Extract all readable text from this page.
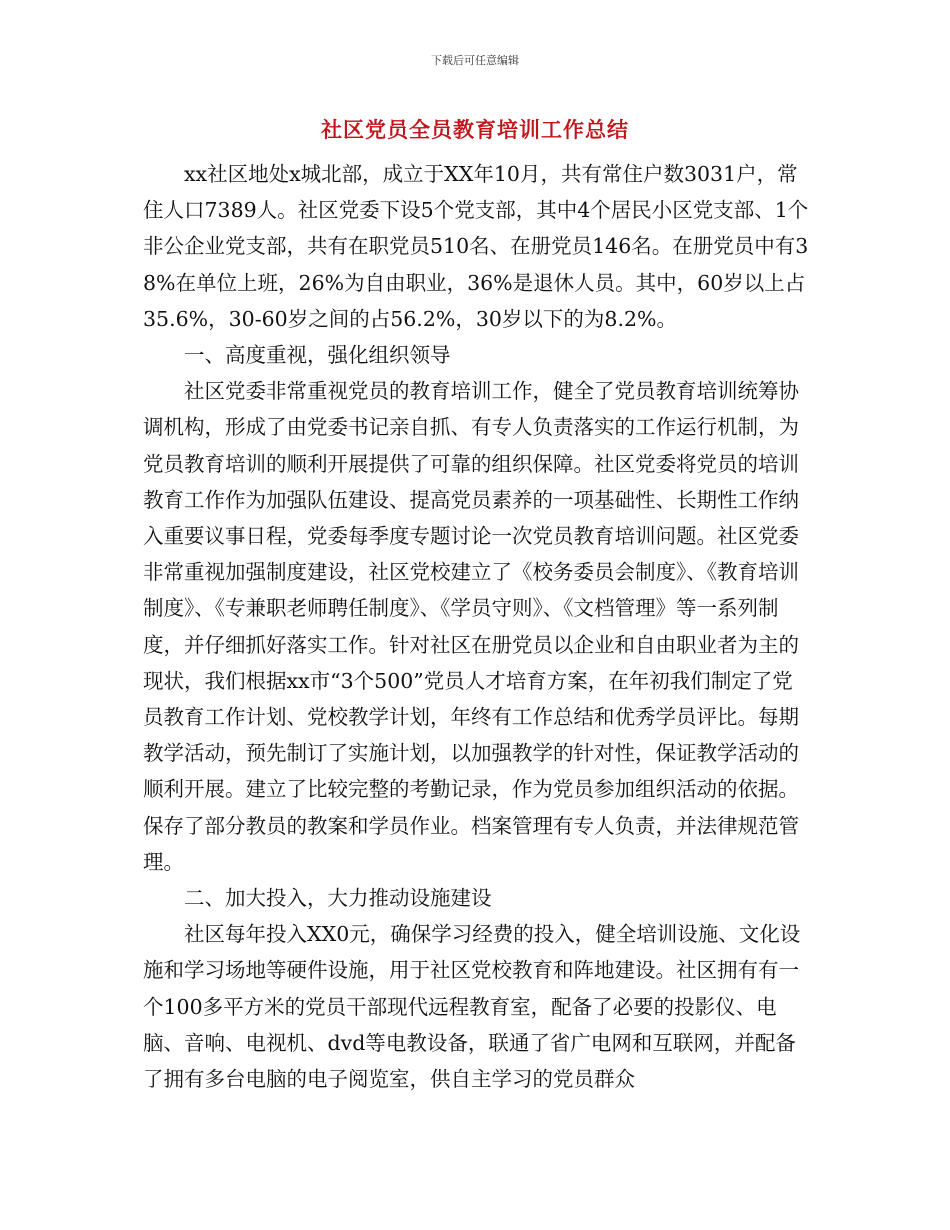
下载后可任意编辑
社区党员全员教育培训工作总结

xx社区地处x城北部，成立于XX年10月，共有常住户数3031户，常住人口7389人。社区党委下设5个党支部，其中4个居民小区党支部、1个非公企业党支部，共有在职党员510名、在册党员146名。在册党员中有38%在单位上班，26%为自由职业，36%是退休人员。其中，60岁以上占35.6%，30-60岁之间的占56.2%，30岁以下的为8.2%。

一、高度重视，强化组织领导

社区党委非常重视党员的教育培训工作，健全了党员教育培训统筹协调机构，形成了由党委书记亲自抓、有专人负责落实的工作运行机制，为党员教育培训的顺利开展提供了可靠的组织保障。社区党委将党员的培训教育工作作为加强队伍建设、提高党员素养的一项基础性、长期性工作纳入重要议事日程，党委每季度专题讨论一次党员教育培训问题。社区党委非常重视加强制度建设，社区党校建立了《校务委员会制度》、《教育培训制度》、《专兼职老师聘任制度》、《学员守则》、《文档管理》等一系列制度，并仔细抓好落实工作。针对社区在册党员以企业和自由职业者为主的现状，我们根据xx市“3个500”党员人才培育方案，在年初我们制定了党员教育工作计划、党校教学计划，年终有工作总结和优秀学员评比。每期教学活动，预先制订了实施计划，以加强教学的针对性，保证教学活动的顺利开展。建立了比较完整的考勤记录，作为党员参加组织活动的依据。保存了部分教员的教案和学员作业。档案管理有专人负责，并法律规范管理。

二、加大投入，大力推动设施建设

社区每年投入XX0元，确保学习经费的投入，健全培训设施、文化设施和学习场地等硬件设施，用于社区党校教育和阵地建设。社区拥有有一个100多平方米的党员干部现代远程教育室，配备了必要的投影仪、电脑、音响、电视机、dvd等电教设备，联通了省广电网和互联网，并配备了拥有多台电脑的电子阅览室，供自主学习的党员群众
